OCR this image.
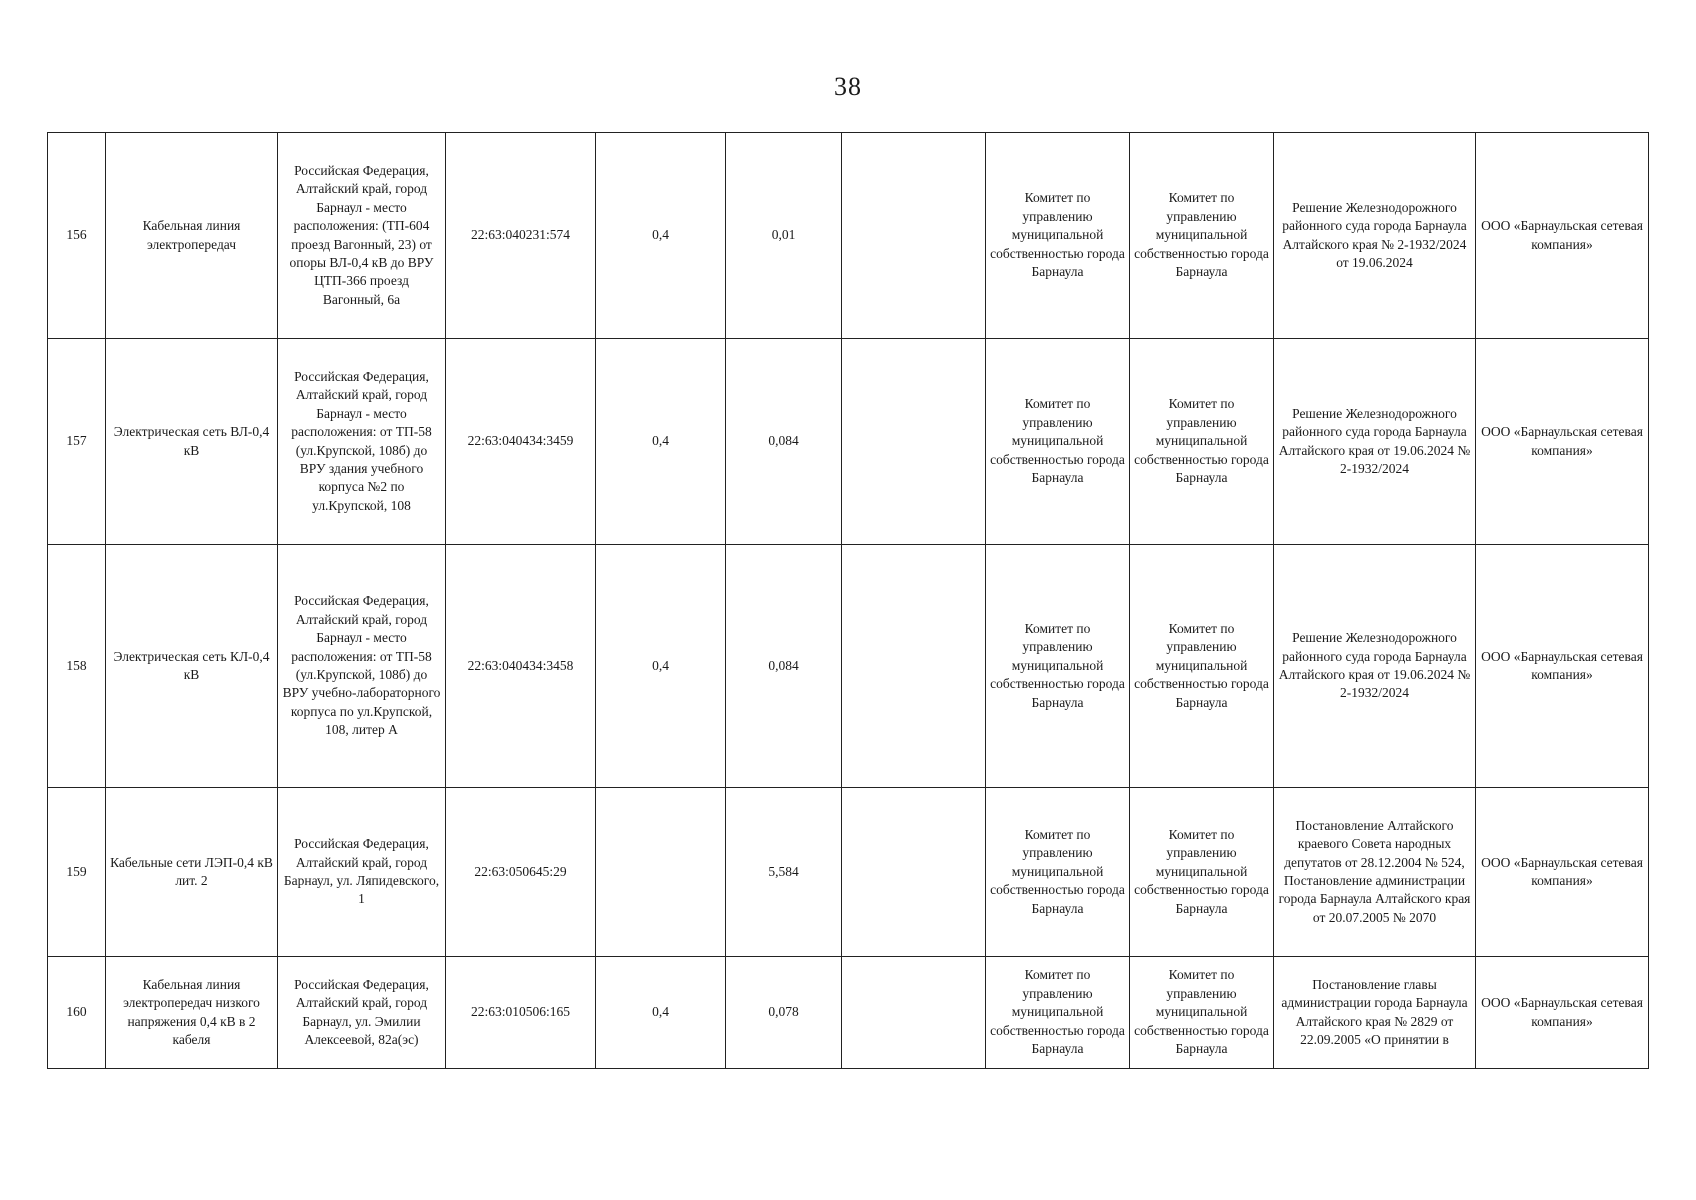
38
156	Кабельная линия электропередач	Российская Федерация, Алтайский край, город Барнаул - место расположения: (ТП-604 проезд Вагонный, 23) от опоры ВЛ-0,4 кВ до ВРУ ЦТП-366 проезд Вагонный, 6а	22:63:040231:574	0,4	0,01		Комитет по управлению муниципальной собственностью города Барнаула	Комитет по управлению муниципальной собственностью города Барнаула	Решение Железнодорожного районного суда города Барнаула Алтайского края № 2-1932/2024 от 19.06.2024	ООО «Барнаульская сетевая компания»
157	Электрическая сеть ВЛ-0,4 кВ	Российская Федерация, Алтайский край, город Барнаул - место расположения: от ТП-58 (ул.Крупской, 108б) до ВРУ здания учебного корпуса №2 по ул.Крупской, 108	22:63:040434:3459	0,4	0,084		Комитет по управлению муниципальной собственностью города Барнаула	Комитет по управлению муниципальной собственностью города Барнаула	Решение Железнодорожного районного суда города Барнаула Алтайского края от 19.06.2024 № 2-1932/2024	ООО «Барнаульская сетевая компания»
158	Электрическая сеть КЛ-0,4 кВ	Российская Федерация, Алтайский край, город Барнаул - место расположения: от ТП-58 (ул.Крупской, 108б) до ВРУ учебно-лабораторного корпуса по ул.Крупской, 108, литер А	22:63:040434:3458	0,4	0,084		Комитет по управлению муниципальной собственностью города Барнаула	Комитет по управлению муниципальной собственностью города Барнаула	Решение Железнодорожного районного суда города Барнаула Алтайского края от 19.06.2024 № 2-1932/2024	ООО «Барнаульская сетевая компания»
159	Кабельные сети ЛЭП-0,4 кВ лит. 2	Российская Федерация, Алтайский край, город Барнаул, ул. Ляпидевского, 1	22:63:050645:29		5,584		Комитет по управлению муниципальной собственностью города Барнаула	Комитет по управлению муниципальной собственностью города Барнаула	Постановление Алтайского краевого Совета народных депутатов от 28.12.2004 № 524, Постановление администрации города Барнаула Алтайского края от 20.07.2005 № 2070	ООО «Барнаульская сетевая компания»
160	Кабельная линия электропередач низкого напряжения 0,4 кВ в 2 кабеля	Российская Федерация, Алтайский край, город Барнаул, ул. Эмилии Алексеевой, 82а(эс)	22:63:010506:165	0,4	0,078		Комитет по управлению муниципальной собственностью города Барнаула	Комитет по управлению муниципальной собственностью города Барнаула	Постановление главы администрации города Барнаула Алтайского края № 2829 от 22.09.2005 «О принятии в	ООО «Барнаульская сетевая компания»
